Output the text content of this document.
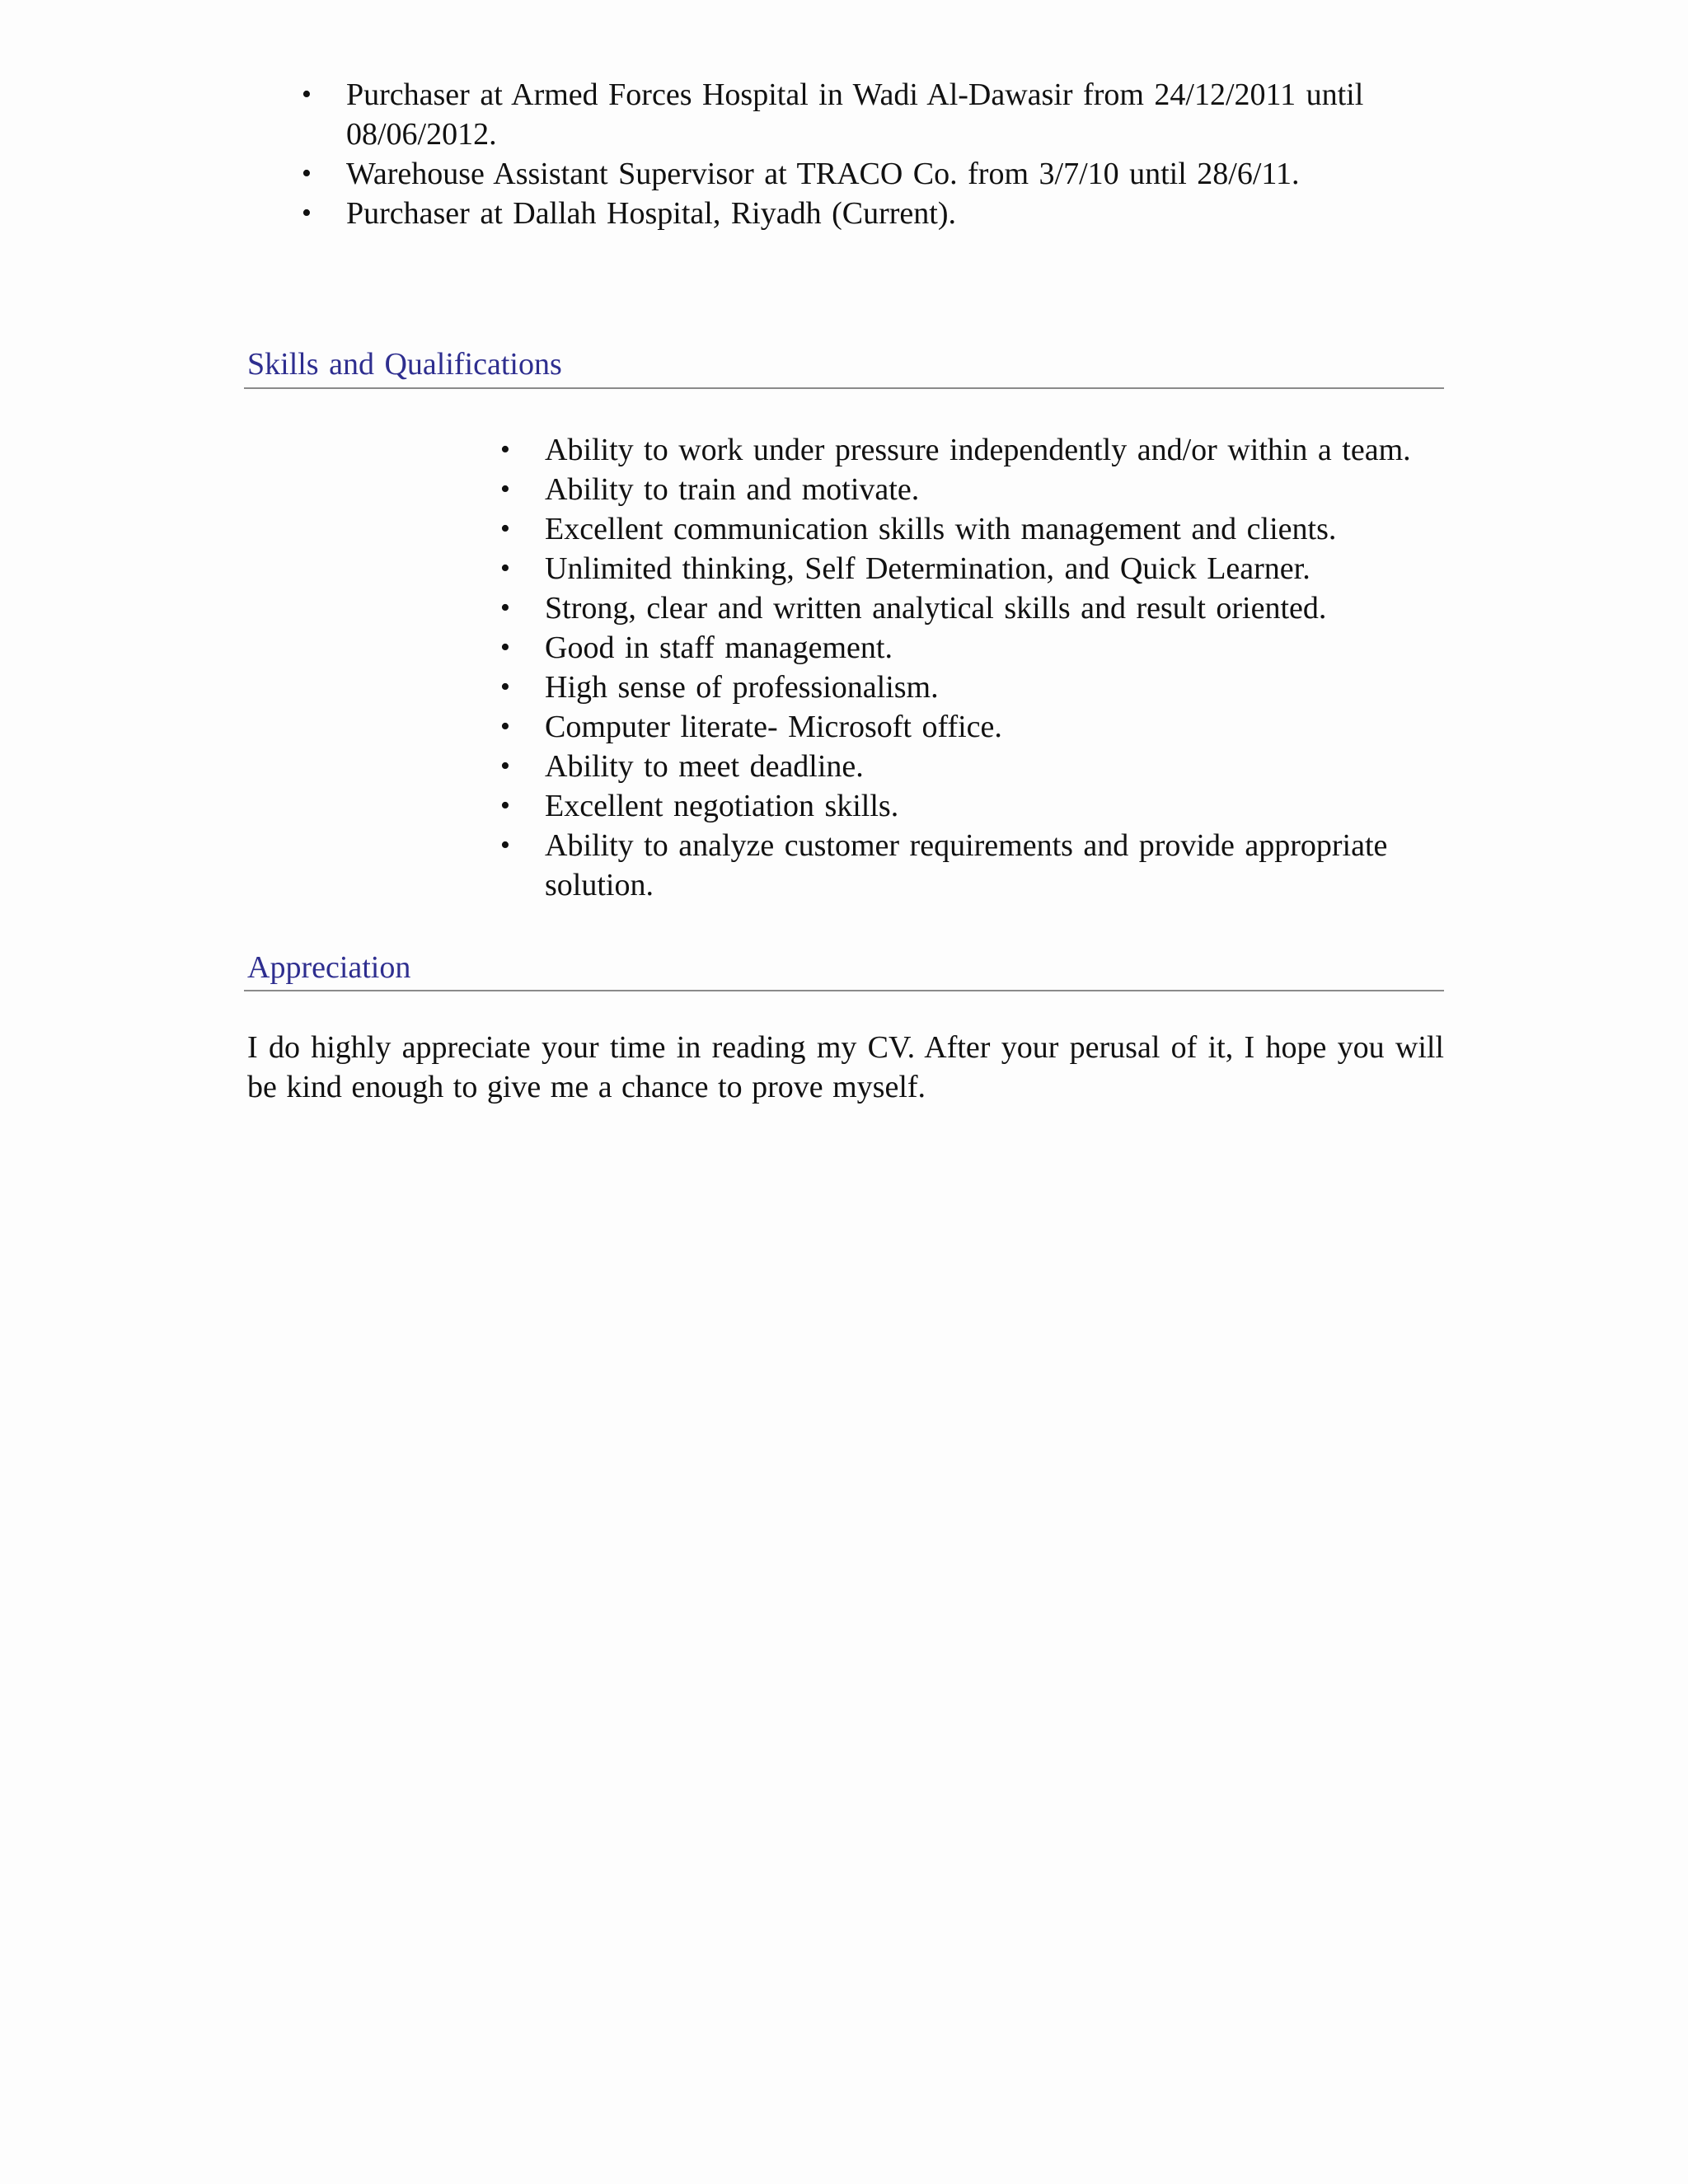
• Purchaser at Armed Forces Hospital in Wadi Al-Dawasir from 24/12/2011 until 08/06/2012.
• Warehouse Assistant Supervisor at TRACO Co. from 3/7/10 until 28/6/11.
• Purchaser at Dallah Hospital, Riyadh (Current).
Skills and Qualifications
• Ability to work under pressure independently and/or within a team.
• Ability to train and motivate.
• Excellent communication skills with management and clients.
• Unlimited thinking, Self Determination, and Quick Learner.
• Strong, clear and written analytical skills and result oriented.
• Good in staff management.
• High sense of professionalism.
• Computer literate- Microsoft office.
• Ability to meet deadline.
• Excellent negotiation skills.
• Ability to analyze customer requirements and provide appropriate solution.
Appreciation

I do highly appreciate your time in reading my CV. After your perusal of it, I hope you will be kind enough to give me a chance to prove myself.
